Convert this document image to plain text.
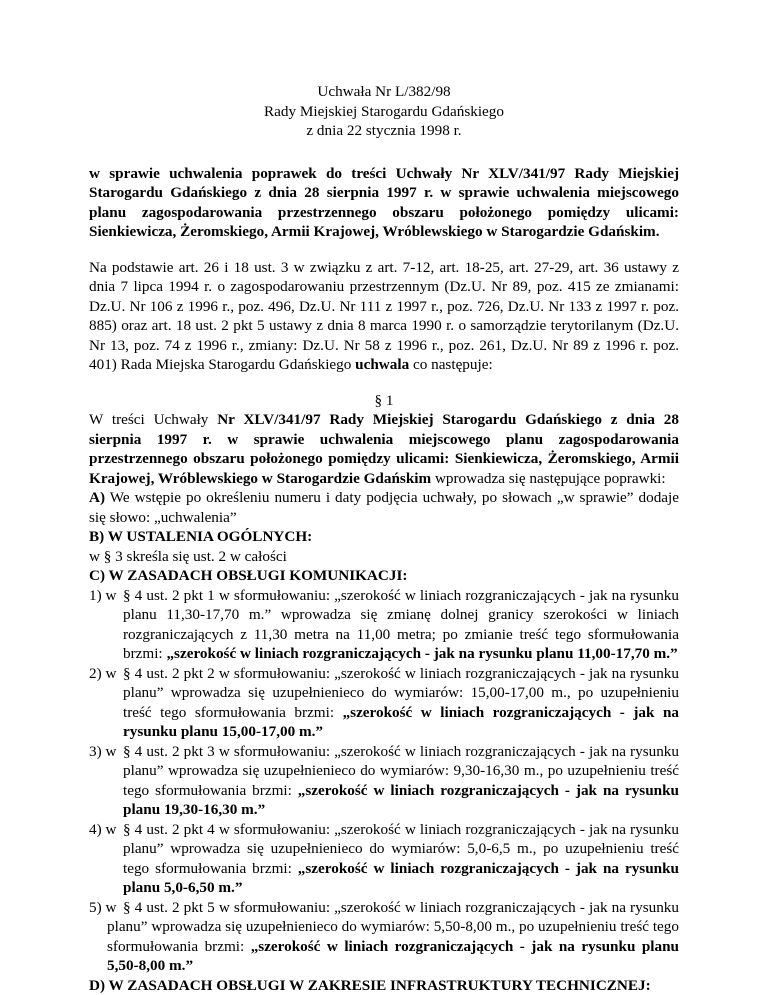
Uchwała Nr L/382/98
Rady Miejskiej Starogardu Gdańskiego
z dnia 22 stycznia 1998 r.
w sprawie uchwalenia poprawek do treści Uchwały Nr XLV/341/97 Rady Miejskiej Starogardu Gdańskiego z dnia 28 sierpnia 1997 r. w sprawie uchwalenia miejscowego planu zagospodarowania przestrzennego obszaru położonego pomiędzy ulicami: Sienkiewicza, Żeromskiego, Armii Krajowej, Wróblewskiego w Starogardzie Gdańskim.
Na podstawie art. 26 i 18 ust. 3 w związku z art. 7-12, art. 18-25, art. 27-29, art. 36 ustawy z dnia 7 lipca 1994 r. o zagospodarowaniu przestrzennym (Dz.U. Nr 89, poz. 415 ze zmianami: Dz.U. Nr 106 z 1996 r., poz. 496, Dz.U. Nr 111 z 1997 r., poz. 726, Dz.U. Nr 133 z 1997 r. poz. 885) oraz art. 18 ust. 2 pkt 5 ustawy z dnia 8 marca 1990 r. o samorządzie terytorilanym (Dz.U. Nr 13, poz. 74 z 1996 r., zmiany: Dz.U. Nr 58 z 1996 r., poz. 261, Dz.U. Nr 89 z 1996 r. poz. 401) Rada Miejska Starogardu Gdańskiego uchwala co następuje:
§ 1
W treści Uchwały Nr XLV/341/97 Rady Miejskiej Starogardu Gdańskiego z dnia 28 sierpnia 1997 r. w sprawie uchwalenia miejscowego planu zagospodarowania przestrzennego obszaru położonego pomiędzy ulicami: Sienkiewicza, Żeromskiego, Armii Krajowej, Wróblewskiego w Starogardzie Gdańskim wprowadza się następujące poprawki:
A) We wstępie po określeniu numeru i daty podjęcia uchwały, po słowach „w sprawie” dodaje się słowo: „uchwalenia”
B) W USTALENIA OGÓLNYCH:
w § 3 skreśla się ust. 2 w całości
C) W ZASADACH OBSŁUGI KOMUNIKACJI:
1) w § 4 ust. 2 pkt 1 w sformułowaniu: „szerokość w liniach rozgraniczających - jak na rysunku planu 11,30-17,70 m.” wprowadza się zmianę dolnej granicy szerokości w liniach rozgraniczających z 11,30 metra na 11,00 metra; po zmianie treść tego sformułowania brzmi: „szerokość w liniach rozgraniczających - jak na rysunku planu 11,00-17,70 m.”
2) w § 4 ust. 2 pkt 2 w sformułowaniu: „szerokość w liniach rozgraniczających - jak na rysunku planu” wprowadza się uzupełnienieco do wymiarów: 15,00-17,00 m., po uzupełnieniu treść tego sformułowania brzmi: „szerokość w liniach rozgraniczających - jak na rysunku planu 15,00-17,00 m.”
3) w § 4 ust. 2 pkt 3 w sformułowaniu: „szerokość w liniach rozgraniczających - jak na rysunku planu” wprowadza się uzupełnienieco do wymiarów: 9,30-16,30 m., po uzupełnieniu treść tego sformułowania brzmi: „szerokość w liniach rozgraniczających - jak na rysunku planu 19,30-16,30 m.”
4) w § 4 ust. 2 pkt 4 w sformułowaniu: „szerokość w liniach rozgraniczających - jak na rysunku planu” wprowadza się uzupełnienieco do wymiarów: 5,0-6,5 m., po uzupełnieniu treść tego sformułowania brzmi: „szerokość w liniach rozgraniczających - jak na rysunku planu 5,0-6,50 m.”
5) w § 4 ust. 2 pkt 5 w sformułowaniu: „szerokość w liniach rozgraniczających - jak na rysunku planu” wprowadza się uzupełnienieco do wymiarów: 5,50-8,00 m., po uzupełnieniu treść tego sformułowania brzmi: „szerokość w liniach rozgraniczających - jak na rysunku planu 5,50-8,00 m.”
D) W ZASADACH OBSŁUGI W ZAKRESIE INFRASTRUKTURY TECHNICZNEJ:
